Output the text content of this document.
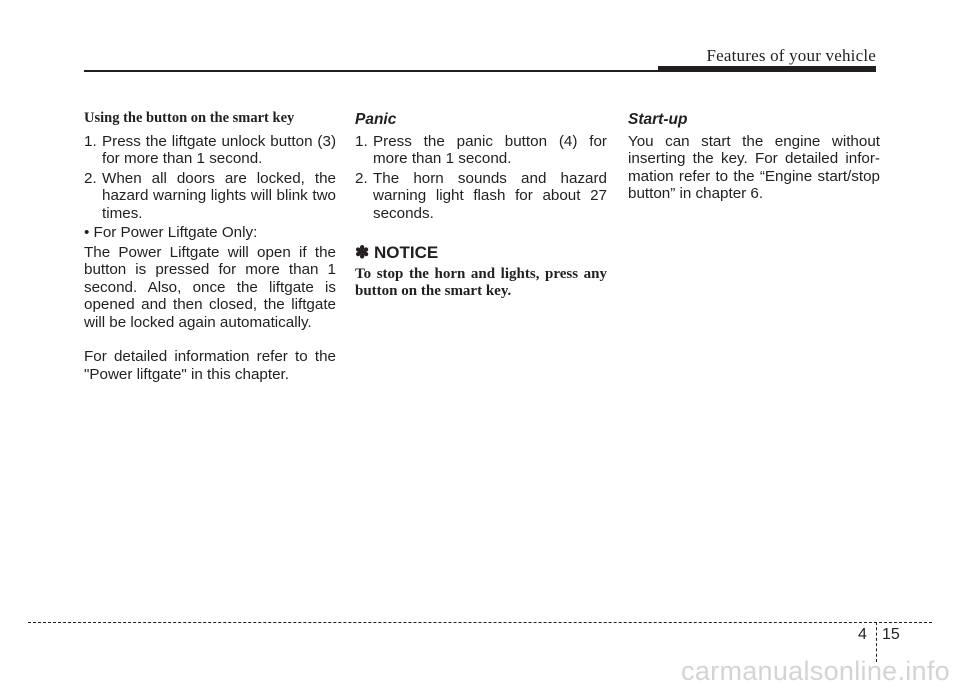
Features of your vehicle
Using the button on the smart key
1. Press the liftgate unlock button (3) for more than 1 second.
2. When all doors are locked, the hazard warning lights will blink two times.
• For Power Liftgate Only:
The Power Liftgate will open if the button is pressed for more than 1 second. Also, once the liftgate is opened and then closed, the liftgate will be locked again automatically.
For detailed information refer to the "Power liftgate" in this chapter.
Panic
1. Press the panic button (4) for more than 1 second.
2. The horn sounds and hazard warning light flash for about 27 seconds.
✽ NOTICE
To stop the horn and lights, press any button on the smart key.
Start-up
You can start the engine without inserting the key. For detailed infor-mation refer to the “Engine start/stop button” in chapter 6.
4 15
carmanualsonline.info
